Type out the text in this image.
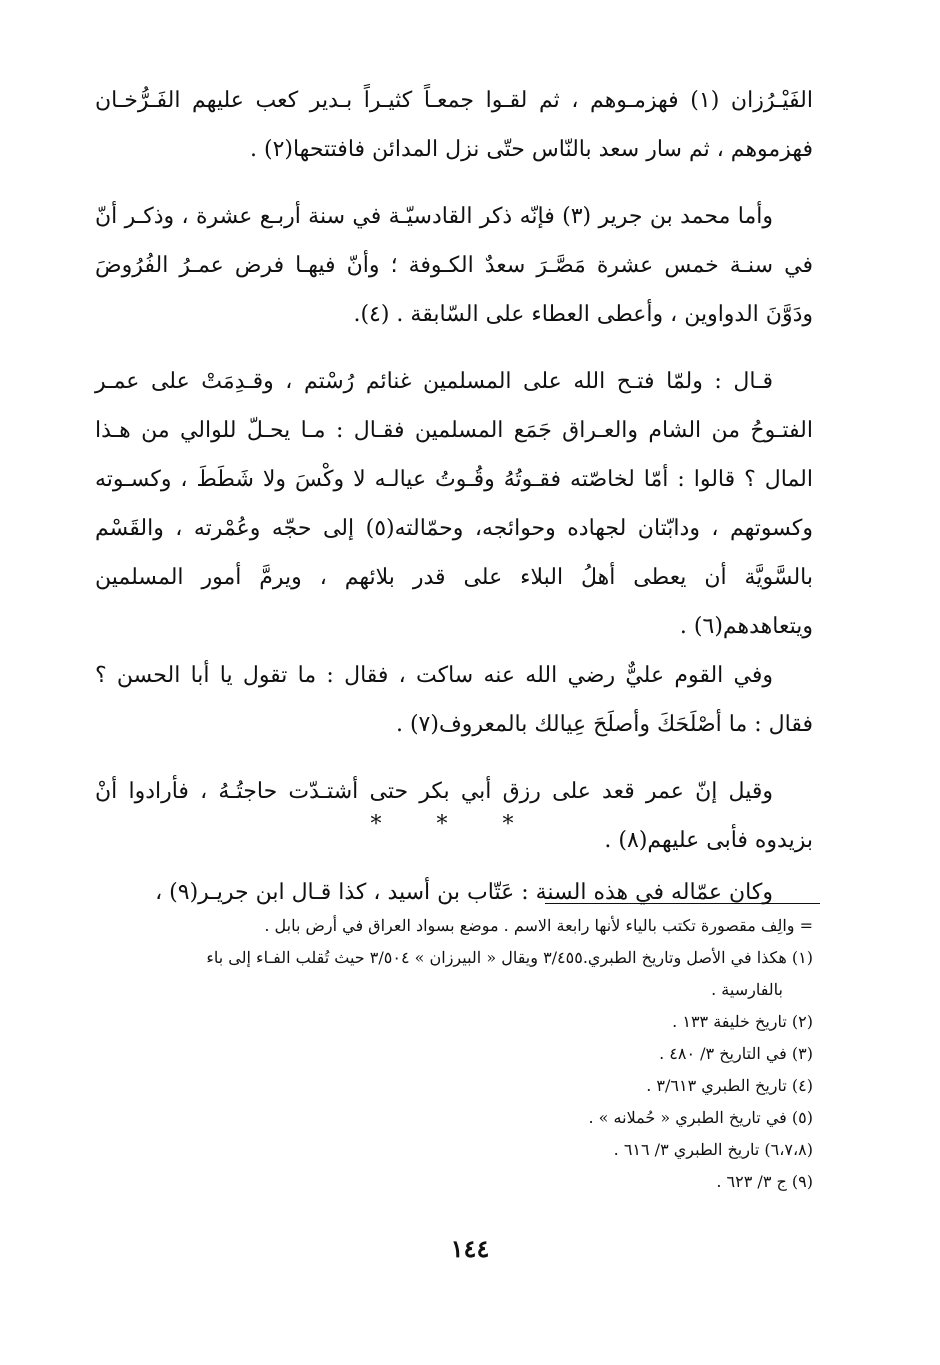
الفَيْـرُزان (١) فهزمـوهم ، ثم لقـوا جمعـاً كثيـراً بـدير كعب عليهم الفَـرُّخـان فهزموهم ، ثم سار سعد بالنّاس حتّى نزل المدائن فافتتحها(٢) .

وأما محمد بن جرير (٣) فإنّه ذكر القادسيّـة في سنة أربـع عشرة ، وذكـر أنّ في سنـة خمس عشرة مَصَّـرَ سعدٌ الكـوفة ؛ وأنّ فيهـا فرض عمـرُ الفُرُوضَ ودَوَّنَ الدواوين ، وأعطى العطاء على السّابقة . (٤).

قـال : ولمّا فتـح الله على المسلمين غنائم رُسْتم ، وقـدِمَتْ على عمـر الفتـوحُ من الشام والعـراق جَمَع المسلمين فقـال : مـا يحـلّ للوالي من هـذا المال ؟ قالوا : أمّا لخاصّته فقـوتُهُ وقُـوتُ عيالـه لا وكْسَ ولا شَطَطَ ، وكسـوته وكسوتهم ، ودابّتان لجهاده وحوائجه، وحمّالته(٥) إلى حجّه وعُمْرته ، والقَسْم بالسَّويَّة أن يعطى أهلُ البلاء على قدر بلائهم ، ويرمَّ أمور المسلمين ويتعاهدهم(٦) .

وفي القوم عليٌّ رضي الله عنه ساكت ، فقال : ما تقول يا أبا الحسن ؟ فقال : ما أصْلَحَكَ وأصلَحَ عِيالك بالمعروف(٧) .

وقيل إنّ عمر قعد على رزق أبي بكر حتى أشتـدّت حاجتُـهُ ، فأرادوا أنْ بزيدوه فأبى عليهم(٨) .

* * *

وكان عمّاله في هذه السنة : عَتّاب بن أسيد ، كذا قـال ابن جريـر(٩) ،

= والِف مقصورة تكتب بالياء لأنها رابعة الاسم . موضع بسواد العراق في أرض بابل .

(١) هكذا في الأصل وتاريخ الطبري.٣/٤٥٥ ويقال « البيرزان » ٣/٥٠٤ حيث تُقلب الفـاء إلى باء

بالفارسية .

(٢) تاريخ خليفة ١٣٣ .

(٣) في التاريخ ٣/ ٤٨٠ .

(٤) تاريخ الطبري ٣/٦١٣ .

(٥) في تاريخ الطبري « حُملانه » .

(٦،٧،٨) تاريخ الطبري ٣/ ٦١٦ .

(٩) ج ٣/ ٦٢٣ .

١٤٤
